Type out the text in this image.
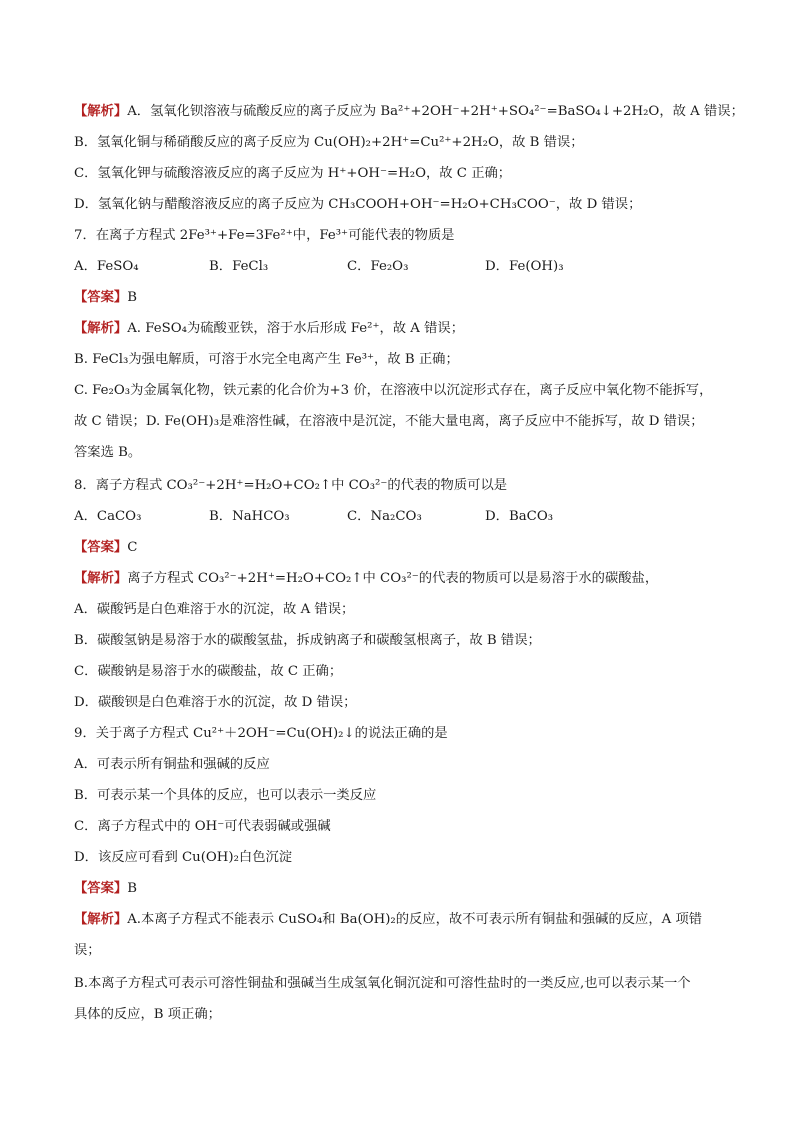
【解析】A．氢氧化钡溶液与硫酸反应的离子反应为 Ba²⁺+2OH⁻+2H⁺+SO₄²⁻=BaSO₄↓+2H₂O，故 A 错误；
B．氢氧化铜与稀硝酸反应的离子反应为 Cu(OH)₂+2H⁺=Cu²⁺+2H₂O，故 B 错误；
C．氢氧化钾与硫酸溶液反应的离子反应为 H⁺+OH⁻=H₂O，故 C 正确；
D．氢氧化钠与醋酸溶液反应的离子反应为 CH₃COOH+OH⁻=H₂O+CH₃COO⁻，故 D 错误；
7．在离子方程式 2Fe³⁺+Fe=3Fe²⁺中，Fe³⁺可能代表的物质是
A．FeSO₄	B．FeCl₃	C．Fe₂O₃	D．Fe(OH)₃
【答案】B
【解析】A. FeSO₄为硫酸亚铁，溶于水后形成 Fe²⁺，故 A 错误；
B. FeCl₃为强电解质，可溶于水完全电离产生 Fe³⁺，故 B 正确；
C. Fe₂O₃为金属氧化物，铁元素的化合价为+3 价，在溶液中以沉淀形式存在，离子反应中氧化物不能拆写，
故 C 错误；D. Fe(OH)₃是难溶性碱，在溶液中是沉淀，不能大量电离，离子反应中不能拆写，故 D 错误；
答案选 B。
8．离子方程式 CO₃²⁻+2H⁺=H₂O+CO₂↑中 CO₃²⁻的代表的物质可以是
A．CaCO₃	B．NaHCO₃	C．Na₂CO₃	D．BaCO₃
【答案】C
【解析】离子方程式 CO₃²⁻+2H⁺=H₂O+CO₂↑中 CO₃²⁻的代表的物质可以是易溶于水的碳酸盐，
A．碳酸钙是白色难溶于水的沉淀，故 A 错误；
B．碳酸氢钠是易溶于水的碳酸氢盐，拆成钠离子和碳酸氢根离子，故 B 错误；
C．碳酸钠是易溶于水的碳酸盐，故 C 正确；
D．碳酸钡是白色难溶于水的沉淀，故 D 错误；
9．关于离子方程式 Cu²⁺＋2OH⁻=Cu(OH)₂↓的说法正确的是
A．可表示所有铜盐和强碱的反应
B．可表示某一个具体的反应，也可以表示一类反应
C．离子方程式中的 OH⁻可代表弱碱或强碱
D．该反应可看到 Cu(OH)₂白色沉淀
【答案】B
【解析】A.本离子方程式不能表示 CuSO₄和 Ba(OH)₂的反应，故不可表示所有铜盐和强碱的反应，A 项错
误；
B.本离子方程式可表示可溶性铜盐和强碱当生成氢氧化铜沉淀和可溶性盐时的一类反应,也可以表示某一个
具体的反应，B 项正确；
